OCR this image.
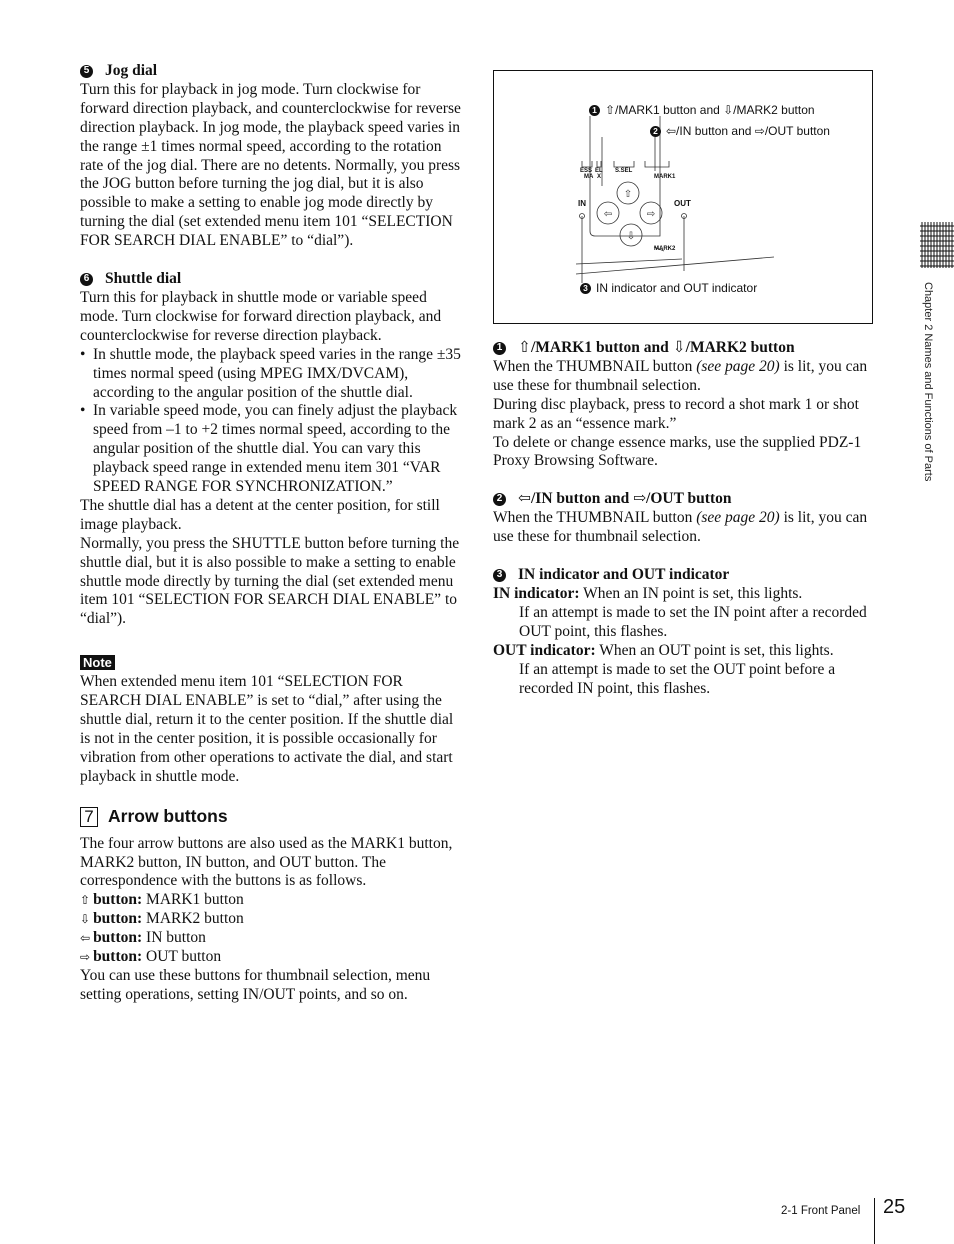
5 Jog dial

Turn this for playback in jog mode. Turn clockwise for forward direction playback, and counterclockwise for reverse direction playback. In jog mode, the playback speed varies in the range ±1 times normal speed, according to the rotation rate of the jog dial. There are no detents. Normally, you press the JOG button before turning the jog dial, but it is also possible to make a setting to enable jog mode directly by turning the dial (set extended menu item 101 “SELECTION FOR SEARCH DIAL ENABLE” to “dial”).

6 Shuttle dial

Turn this for playback in shuttle mode or variable speed mode. Turn clockwise for forward direction playback, and counterclockwise for reverse direction playback.

• In shuttle mode, the playback speed varies in the range ±35 times normal speed (using MPEG IMX/DVCAM), according to the angular position of the shuttle dial.
• In variable speed mode, you can finely adjust the playback speed from –1 to +2 times normal speed, according to the angular position of the shuttle dial. You can vary this playback speed range in extended menu item 301 “VAR SPEED RANGE FOR SYNCHRONIZATION.”

The shuttle dial has a detent at the center position, for still image playback.

Normally, you press the SHUTTLE button before turning the shuttle dial, but it is also possible to make a setting to enable shuttle mode directly by turning the dial (set extended menu item 101 “SELECTION FOR SEARCH DIAL ENABLE” to “dial”).

Note

When extended menu item 101 “SELECTION FOR SEARCH DIAL ENABLE” is set to “dial,” after using the shuttle dial, return it to the center position. If the shuttle dial is not in the center position, it is possible occasionally for vibration from other operations to activate the dial, and start playback in shuttle mode.

7 Arrow buttons

The four arrow buttons are also used as the MARK1 button, MARK2 button, IN button, and OUT button. The correspondence with the buttons is as follows.

⇧ button: MARK1 button
⇩ button: MARK2 button
⇦ button: IN button
⇨ button: OUT button

You can use these buttons for thumbnail selection, menu setting operations, setting IN/OUT points, and so on.

⇧
⇦	⇨
⇩
ESS
MA
EL
X
S.SEL
MARK1
MARK2
IN	OUT
1 ⇧/MARK1 button and ⇩/MARK2 button
2 ⇦/IN button and ⇨/OUT button
3 IN indicator and OUT indicator
1 ⇧/MARK1 button and ⇩/MARK2 button

When the THUMBNAIL button (see page 20) is lit, you can use these for thumbnail selection.

During disc playback, press to record a shot mark 1 or shot mark 2 as an “essence mark.”

To delete or change essence marks, use the supplied PDZ-1 Proxy Browsing Software.

2 ⇦/IN button and ⇨/OUT button

When the THUMBNAIL button (see page 20) is lit, you can use these for thumbnail selection.

3 IN indicator and OUT indicator

IN indicator: When an IN point is set, this lights.

If an attempt is made to set the IN point after a recorded OUT point, this flashes.

OUT indicator: When an OUT point is set, this lights.

If an attempt is made to set the OUT point before a recorded IN point, this flashes.

Chapter 2 Names and Functions of Parts
2-1 Front Panel 25
